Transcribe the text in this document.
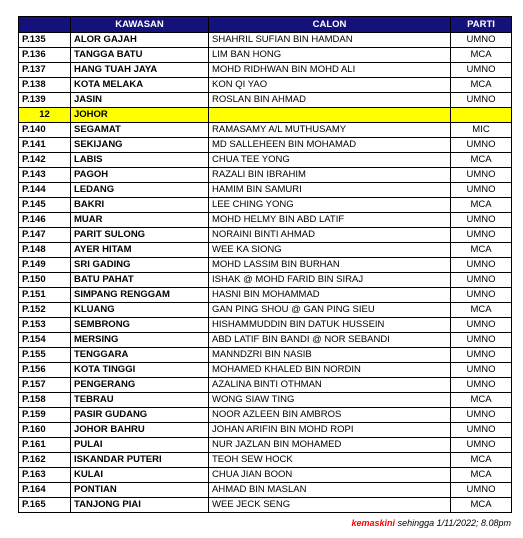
	KAWASAN	CALON	PARTI
P.135	ALOR GAJAH	SHAHRIL SUFIAN BIN HAMDAN	UMNO
P.136	TANGGA BATU	LIM BAN HONG	MCA
P.137	HANG TUAH JAYA	MOHD RIDHWAN BIN MOHD ALI	UMNO
P.138	KOTA MELAKA	KON QI YAO	MCA
P.139	JASIN	ROSLAN BIN AHMAD	UMNO
12	JOHOR		
P.140	SEGAMAT	RAMASAMY A/L MUTHUSAMY	MIC
P.141	SEKIJANG	MD SALLEHEEN BIN MOHAMAD	UMNO
P.142	LABIS	CHUA TEE YONG	MCA
P.143	PAGOH	RAZALI BIN IBRAHIM	UMNO
P.144	LEDANG	HAMIM BIN SAMURI	UMNO
P.145	BAKRI	LEE CHING YONG	MCA
P.146	MUAR	MOHD HELMY BIN ABD LATIF	UMNO
P.147	PARIT SULONG	NORAINI BINTI AHMAD	UMNO
P.148	AYER HITAM	WEE KA SIONG	MCA
P.149	SRI GADING	MOHD LASSIM BIN BURHAN	UMNO
P.150	BATU PAHAT	ISHAK @ MOHD FARID BIN SIRAJ	UMNO
P.151	SIMPANG RENGGAM	HASNI BIN MOHAMMAD	UMNO
P.152	KLUANG	GAN PING SHOU @ GAN PING SIEU	MCA
P.153	SEMBRONG	HISHAMMUDDIN BIN DATUK HUSSEIN	UMNO
P.154	MERSING	ABD LATIF BIN BANDI @ NOR SEBANDI	UMNO
P.155	TENGGARA	MANNDZRI BIN NASIB	UMNO
P.156	KOTA TINGGI	MOHAMED KHALED BIN NORDIN	UMNO
P.157	PENGERANG	AZALINA BINTI OTHMAN	UMNO
P.158	TEBRAU	WONG SIAW TING	MCA
P.159	PASIR GUDANG	NOOR AZLEEN BIN AMBROS	UMNO
P.160	JOHOR BAHRU	JOHAN ARIFIN BIN MOHD ROPI	UMNO
P.161	PULAI	NUR JAZLAN BIN MOHAMED	UMNO
P.162	ISKANDAR PUTERI	TEOH SEW HOCK	MCA
P.163	KULAI	CHUA JIAN BOON	MCA
P.164	PONTIAN	AHMAD BIN MASLAN	UMNO
P.165	TANJONG PIAI	WEE JECK SENG	MCA
kemaskini sehingga 1/11/2022; 8.08pm
